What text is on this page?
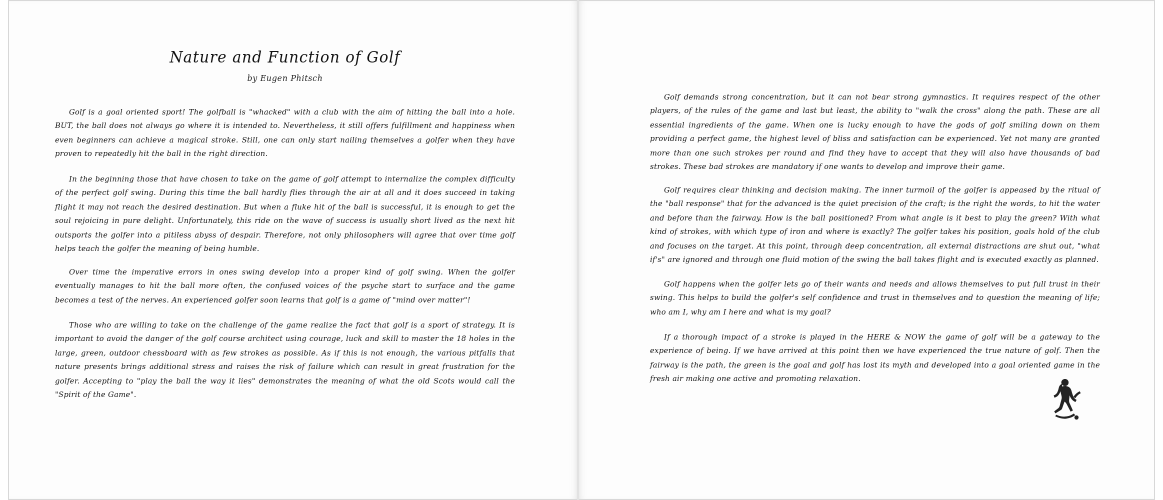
Nature and Function of Golf
by Eugen Phitsch

Golf is a goal oriented sport! The golfball is "whacked" with a club with the aim of hitting the ball into a hole. BUT, the ball does not always go where it is intended to. Nevertheless, it still offers fulfillment and happiness when even beginners can achieve a magical stroke. Still, one can only start nailing themselves a golfer when they have proven to repeatedly hit the ball in the right direction.

In the beginning those that have chosen to take on the game of golf attempt to internalize the complex difficulty of the perfect golf swing. During this time the ball hardly flies through the air at all and it does succeed in taking flight it may not reach the desired destination. But when a fluke hit of the ball is successful, it is enough to get the soul rejoicing in pure delight. Unfortunately, this ride on the wave of success is usually short lived as the next hit outsports the golfer into a pitiless abyss of despair. Therefore, not only philosophers will agree that over time golf helps teach the golfer the meaning of being humble.

Over time the imperative errors in ones swing develop into a proper kind of golf swing. When the golfer eventually manages to hit the ball more often, the confused voices of the psyche start to surface and the game becomes a test of the nerves. An experienced golfer soon learns that golf is a game of "mind over matter"!

Those who are willing to take on the challenge of the game realize the fact that golf is a sport of strategy. It is important to avoid the danger of the golf course architect using courage, luck and skill to master the 18 holes in the large, green, outdoor chessboard with as few strokes as possible. As if this is not enough, the various pitfalls that nature presents brings additional stress and raises the risk of failure which can result in great frustration for the golfer. Accepting to "play the ball the way it lies" demonstrates the meaning of what the old Scots would call the "Spirit of the Game".

Golf demands strong concentration, but it can not bear strong gymnastics. It requires respect of the other players, of the rules of the game and last but least, the ability to "walk the cross" along the path. These are all essential ingredients of the game. When one is lucky enough to have the gods of golf smiling down on them providing a perfect game, the highest level of bliss and satisfaction can be experienced. Yet not many are granted more than one such strokes per round and find they have to accept that they will also have thousands of bad strokes. These bad strokes are mandatory if one wants to develop and improve their game.

Golf requires clear thinking and decision making. The inner turmoil of the golfer is appeased by the ritual of the "ball response" that for the advanced is the quiet precision of the craft; is the right the words, to hit the water and before than the fairway. How is the ball positioned? From what angle is it best to play the green? With what kind of strokes, with which type of iron and where is exactly? The golfer takes his position, goals hold of the club and focuses on the target. At this point, through deep concentration, all external distractions are shut out, "what if's" are ignored and through one fluid motion of the swing the ball takes flight and is executed exactly as planned.

Golf happens when the golfer lets go of their wants and needs and allows themselves to put full trust in their swing. This helps to build the golfer's self confidence and trust in themselves and to question the meaning of life; who am I, why am I here and what is my goal?

If a thorough impact of a stroke is played in the HERE & NOW the game of golf will be a gateway to the experience of being. If we have arrived at this point then we have experienced the true nature of golf. Then the fairway is the path, the green is the goal and golf has lost its myth and developed into a goal oriented game in the fresh air making one active and promoting relaxation.
